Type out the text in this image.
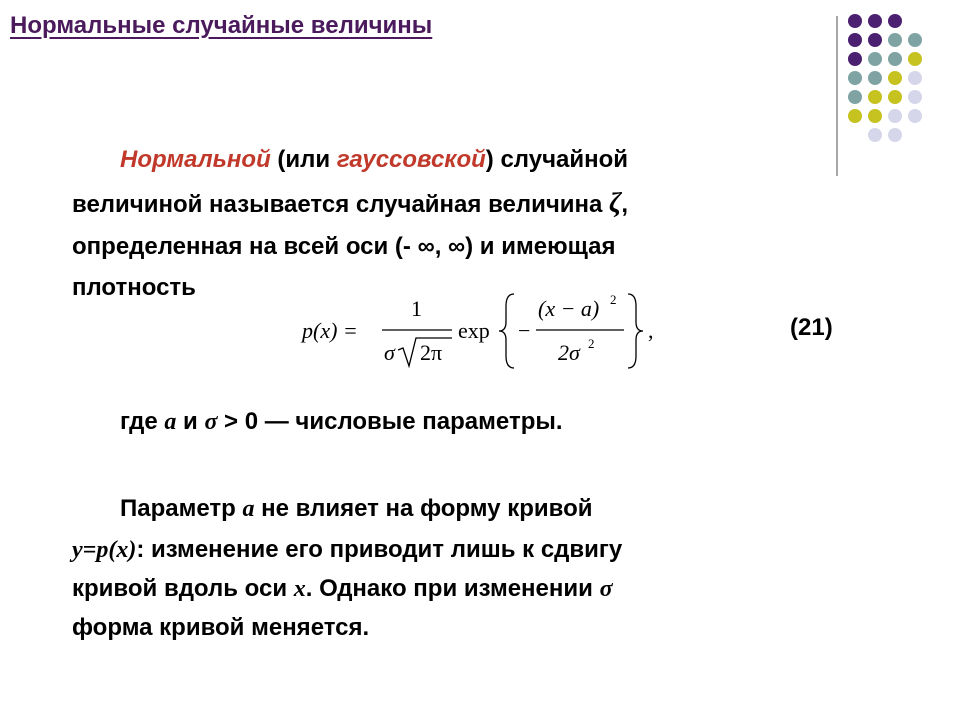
Нормальные случайные величины
Нормальной (или гауссовской) случайной
величиной называется случайная величина ζ,
определенная на всей оси (- ∞, ∞) и имеющая
плотность
p(x) =
1
σ 2π
exp −
(x − a) 2
2σ 2
,	(21)
где a и σ > 0 — числовые параметры.
Параметр a не влияет на форму кривой
y=p(x): изменение его приводит лишь к сдвигу
кривой вдоль оси x. Однако при изменении σ
форма кривой меняется.
